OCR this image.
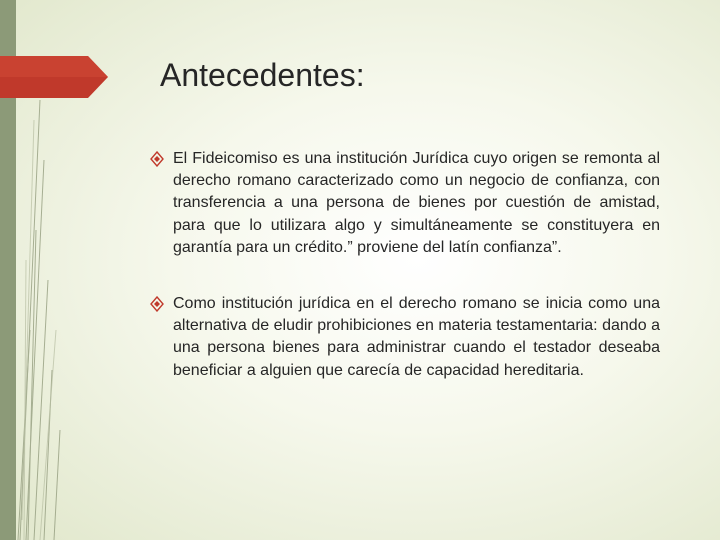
Antecedentes:
El Fideicomiso es una institución Jurídica cuyo origen se remonta al derecho romano caracterizado como un negocio de confianza, con transferencia a una persona de bienes por cuestión de amistad, para que lo utilizara algo y simultáneamente se constituyera en garantía para un crédito.” proviene del latín confianza”.
Como institución jurídica en el derecho romano se inicia como una alternativa de eludir prohibiciones en materia testamentaria: dando a una persona bienes para administrar cuando el testador deseaba beneficiar a alguien que carecía de capacidad hereditaria.
